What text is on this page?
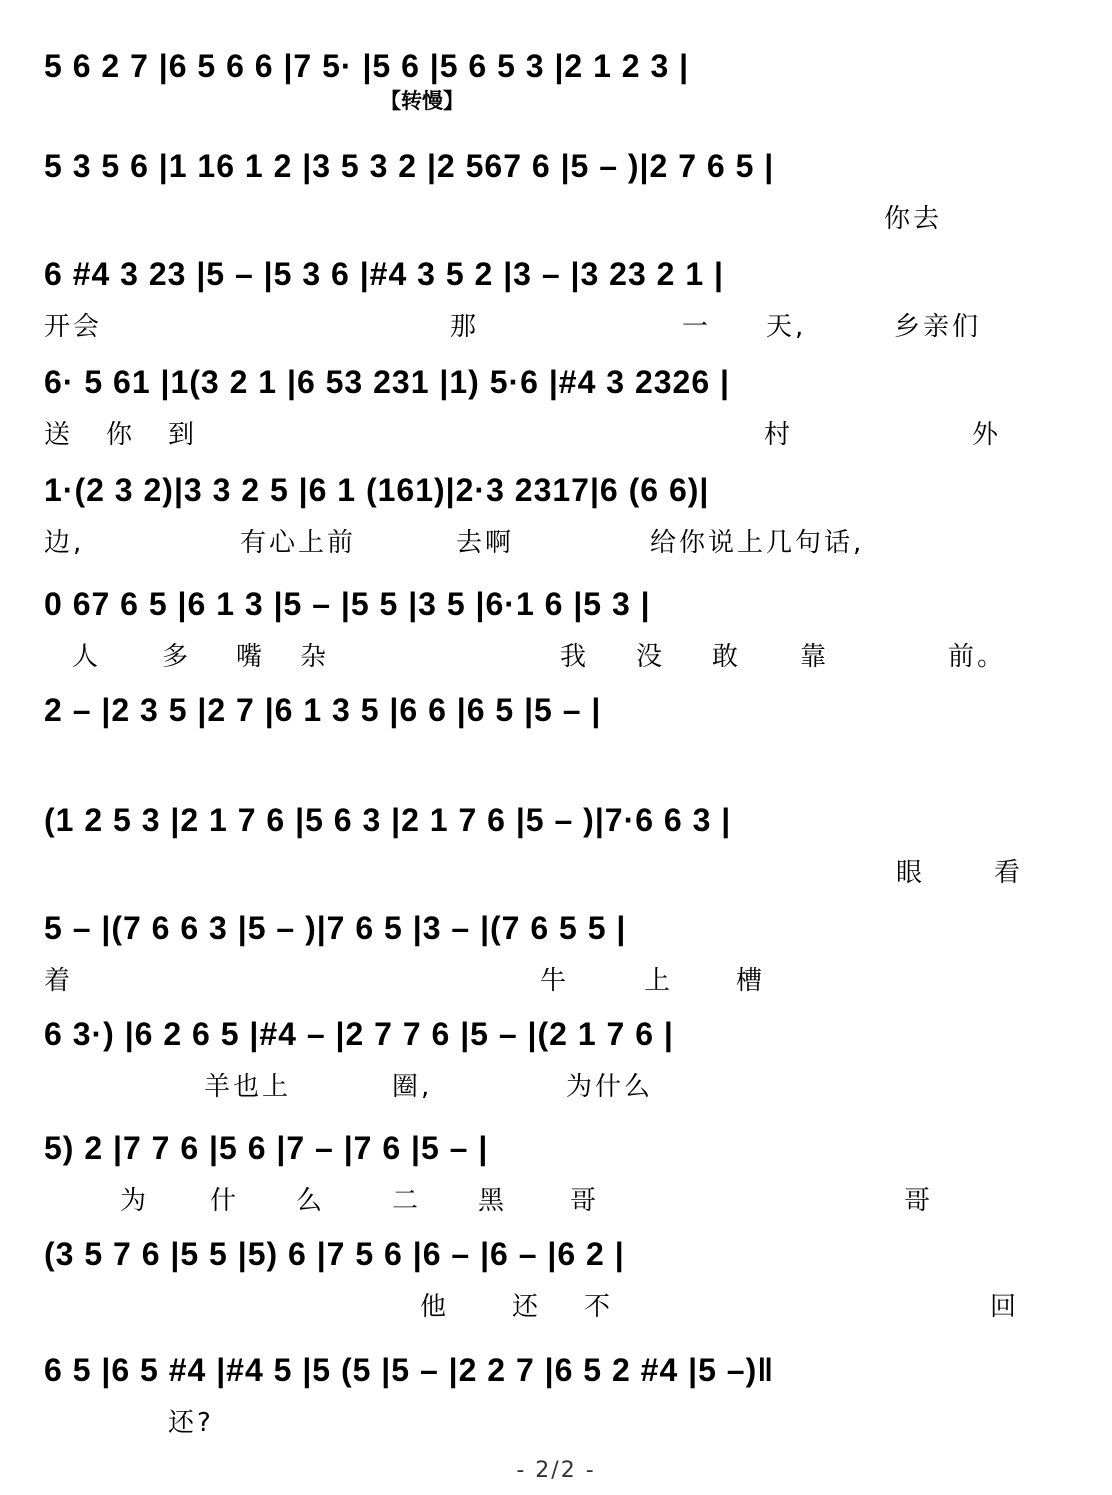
【转慢】
5 6 2 7 |6 5 6 6 |7 5· |5 6 |5 6 5 3 |2 1 2 3 |
5 3 5 6 |1 16 1 2 |3 5 3 2 |2 567 6 |5 – )|2 7 6 5 |
你去
6 #4 3 23 |5 – |5 3 6 |#4 3 5 2 |3 – |3 23 2 1 |
开会	那	一 天,	乡亲们
6· 5 61 |1(3 2 1 |6 53 231 |1) 5·6 |#4 3 2326 |
送 你 到	村	外
1·(2 3 2)|3 3 2 5 |6 1 (161)|2·3 2317|6 (6 6)|
边,	有心上前	去啊	给你说上几句话,
0 67 6 5 |6 1 3 |5 – |5 5 |3 5 |6·1 6 |5 3 |
人 多 嘴 杂	我 没 敢 靠	前。
2 – |2 3 5 |2 7 |6 1 3 5 |6 6 |6 5 |5 – |
(1 2 5 3 |2 1 7 6 |5 6 3 |2 1 7 6 |5 – )|7·6 6 3 |
眼	看
5 – |(7 6 6 3 |5 – )|7 6 5 |3 – |(7 6 5 5 |
着	牛	上 槽
6 3·) |6 2 6 5 |#4 – |2 7 7 6 |5 – |(2 1 7 6 |
羊也上	圈,	为什么
5) 2 |7 7 6 |5 6 |7 – |7 6 |5 – |
为 什 么	二 黑 哥	哥
(3 5 7 6 |5 5 |5) 6 |7 5 6 |6 – |6 – |6 2 |
他 还 不	回
6 5 |6 5 #4 |#4 5 |5 (5 |5 – |2 2 7 |6 5 2 #4 |5 –)‖
还?
- 2/2 -
